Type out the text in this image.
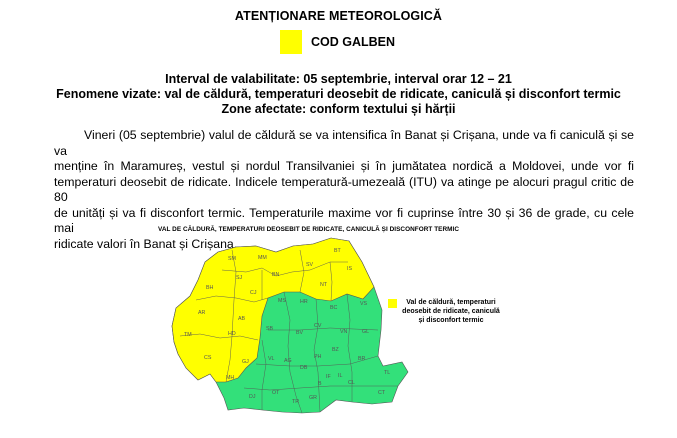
ATENȚIONARE METEOROLOGICĂ
COD GALBEN
Interval de valabilitate: 05 septembrie, interval orar 12 – 21
Fenomene vizate: val de căldură, temperaturi deosebit de ridicate, caniculă și disconfort termic
Zone afectate: conform textului și hărții
Vineri (05 septembrie) valul de căldură se va intensifica în Banat și Crișana, unde va fi caniculă și se va
menține în Maramureș, vestul și nordul Transilvaniei și în jumătatea nordică a Moldovei, unde vor fi
temperaturi deosebit de ridicate. Indicele temperatură-umezeală (ITU) va atinge pe alocuri pragul critic de 80
de unități și va fi disconfort termic. Temperaturile maxime vor fi cuprinse între 30 și 36 de grade, cu cele mai
ridicate valori în Banat și Crișana.
VAL DE CĂLDURĂ, TEMPERATURI DEOSEBIT DE RIDICATE, CANICULĂ ȘI DISCONFORT TERMIC
SM	MM
BT
SJ	BN
SV
BH
CJ
IS
NT
MS	HR
BC
VS
AR
AB
HD
TM
SB
BV
CV
VN	GL
CS
GJ	VL AG
PH
BZ
BR
TL
MH
DB
IL
B
DJ
OT
TR
GR
CL
IF
CT
Val de căldură, temperaturi
deosebit de ridicate, caniculă
și disconfort termic
